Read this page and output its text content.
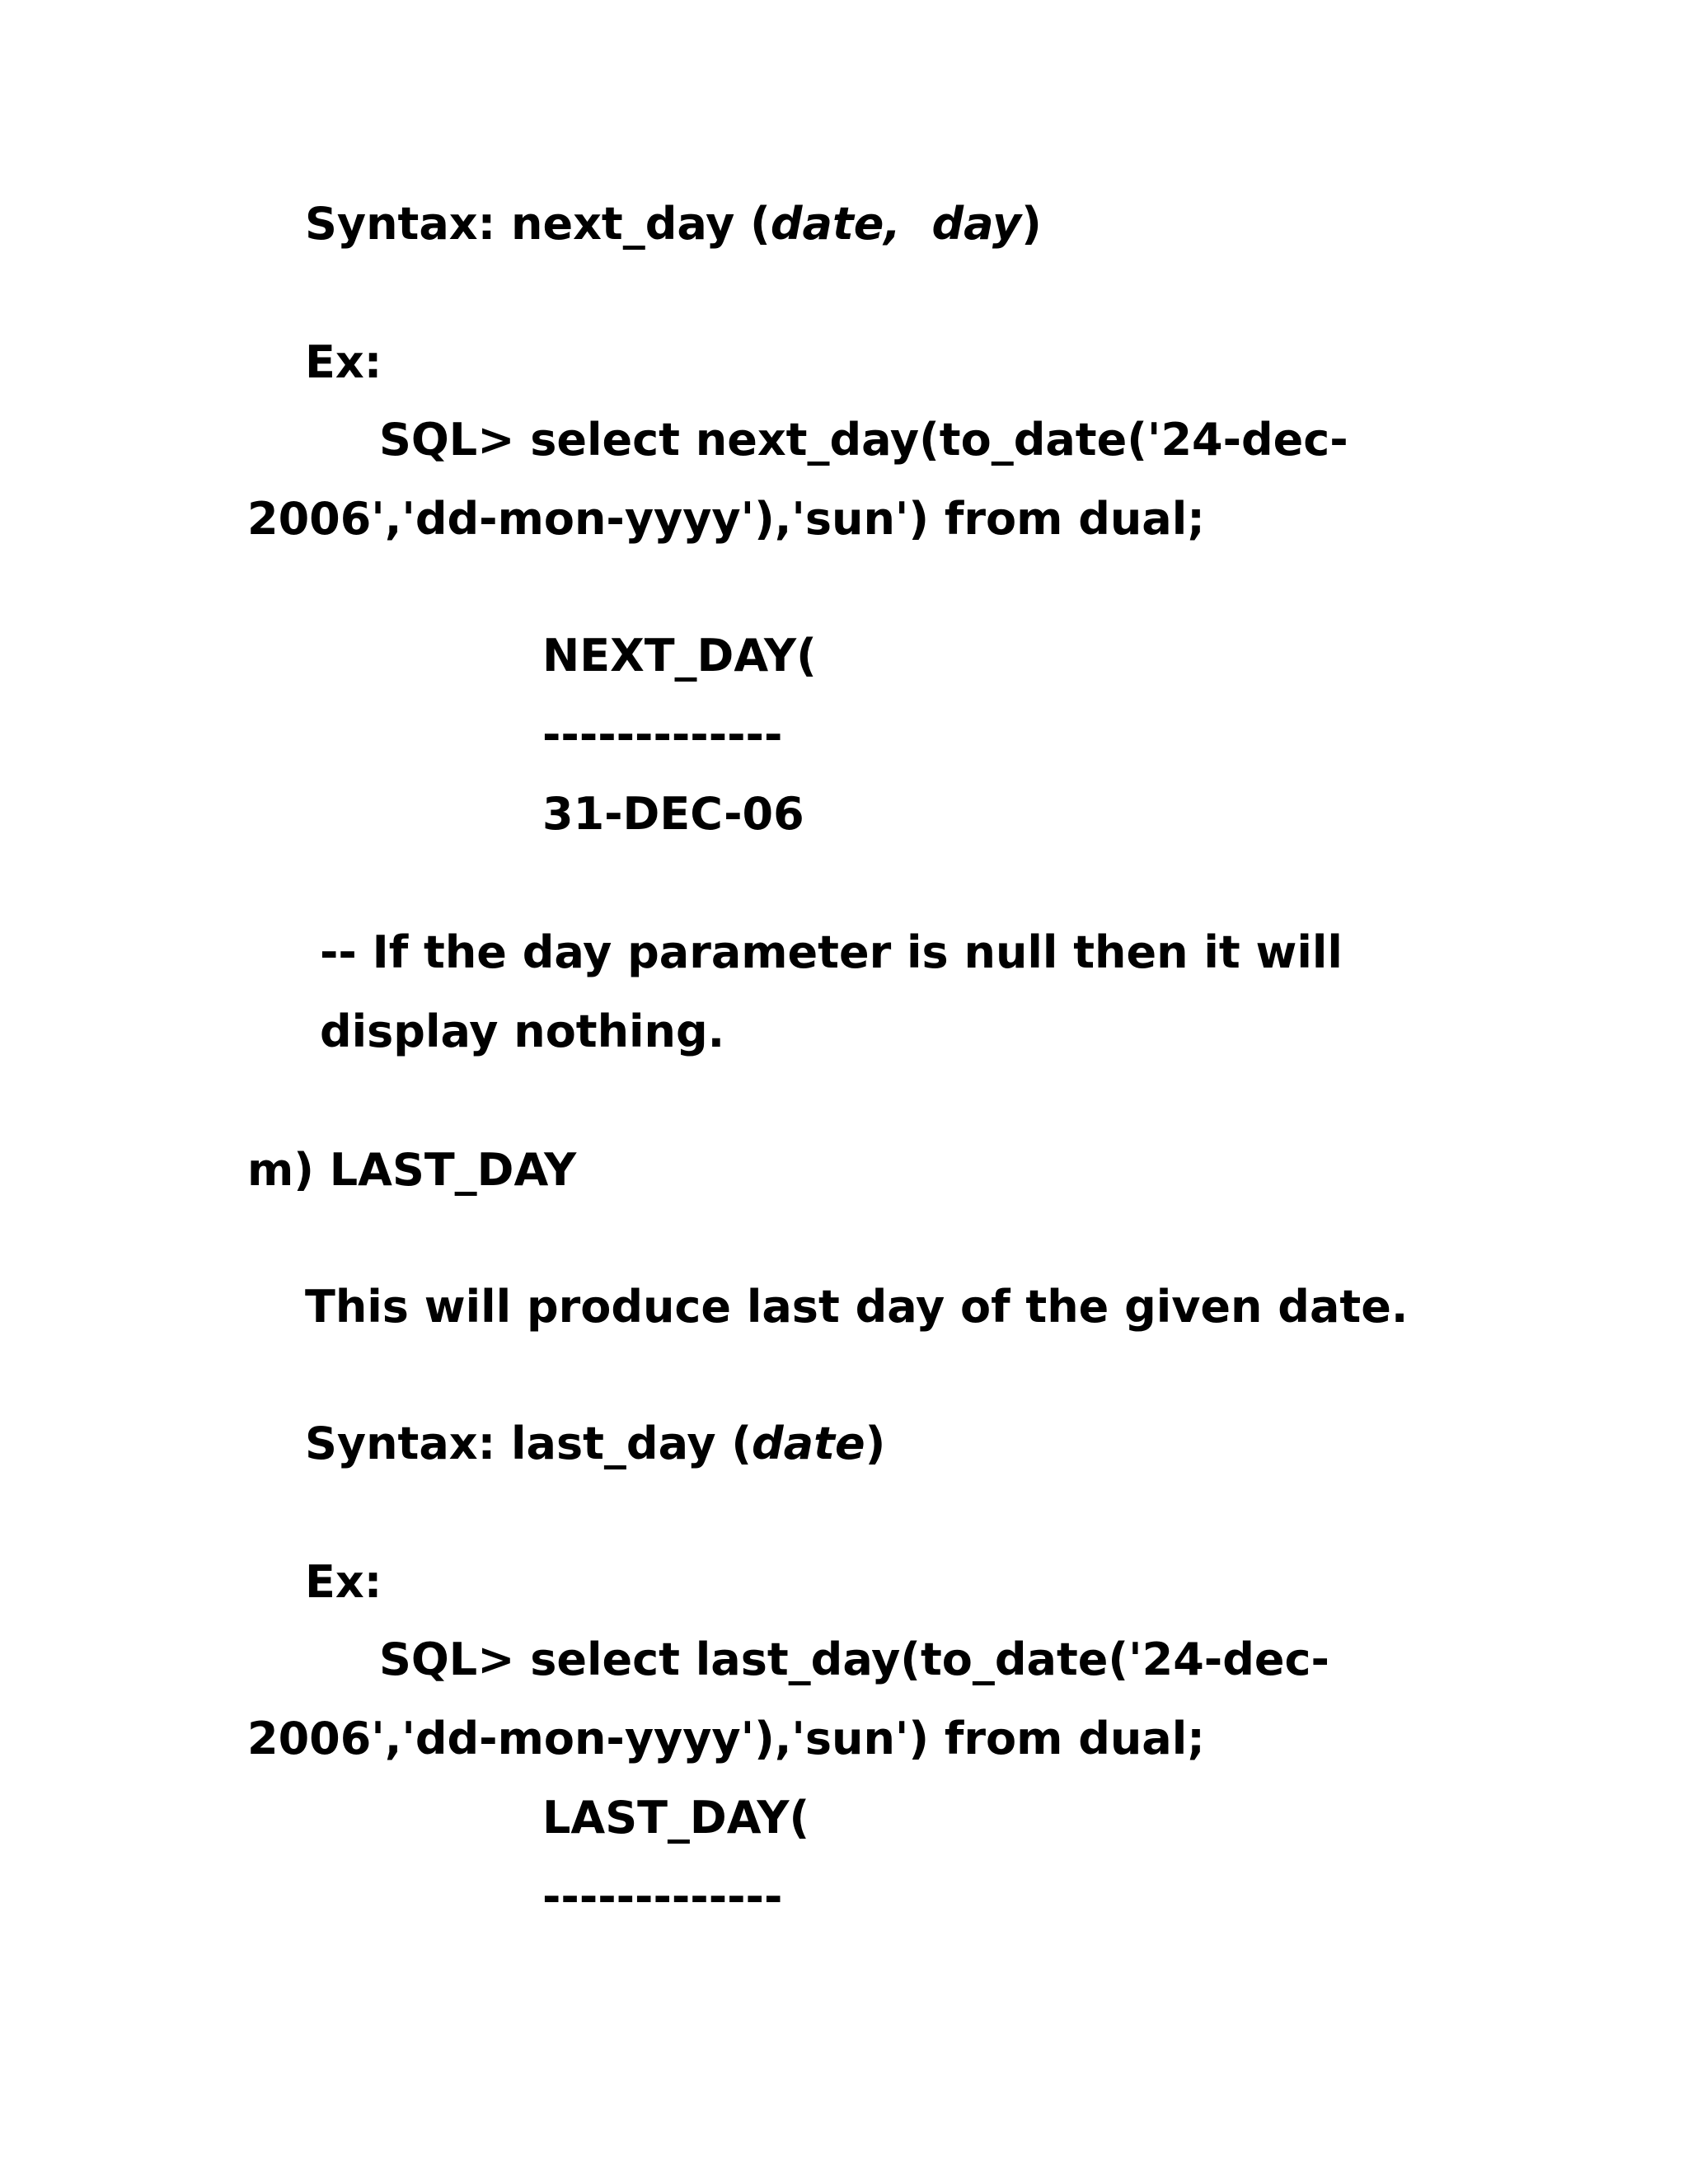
Syntax: next_day (date, day)
Ex:
SQL> select next_day(to_date('24-dec-
2006','dd-mon-yyyy'),'sun') from dual;
NEXT_DAY(
-------------
31-DEC-06
-- If the day parameter is null then it will
display nothing.
m) LAST_DAY
This will produce last day of the given date.
Syntax: last_day (date)
Ex:
SQL> select last_day(to_date('24-dec-
2006','dd-mon-yyyy'),'sun') from dual;
LAST_DAY(
-------------
